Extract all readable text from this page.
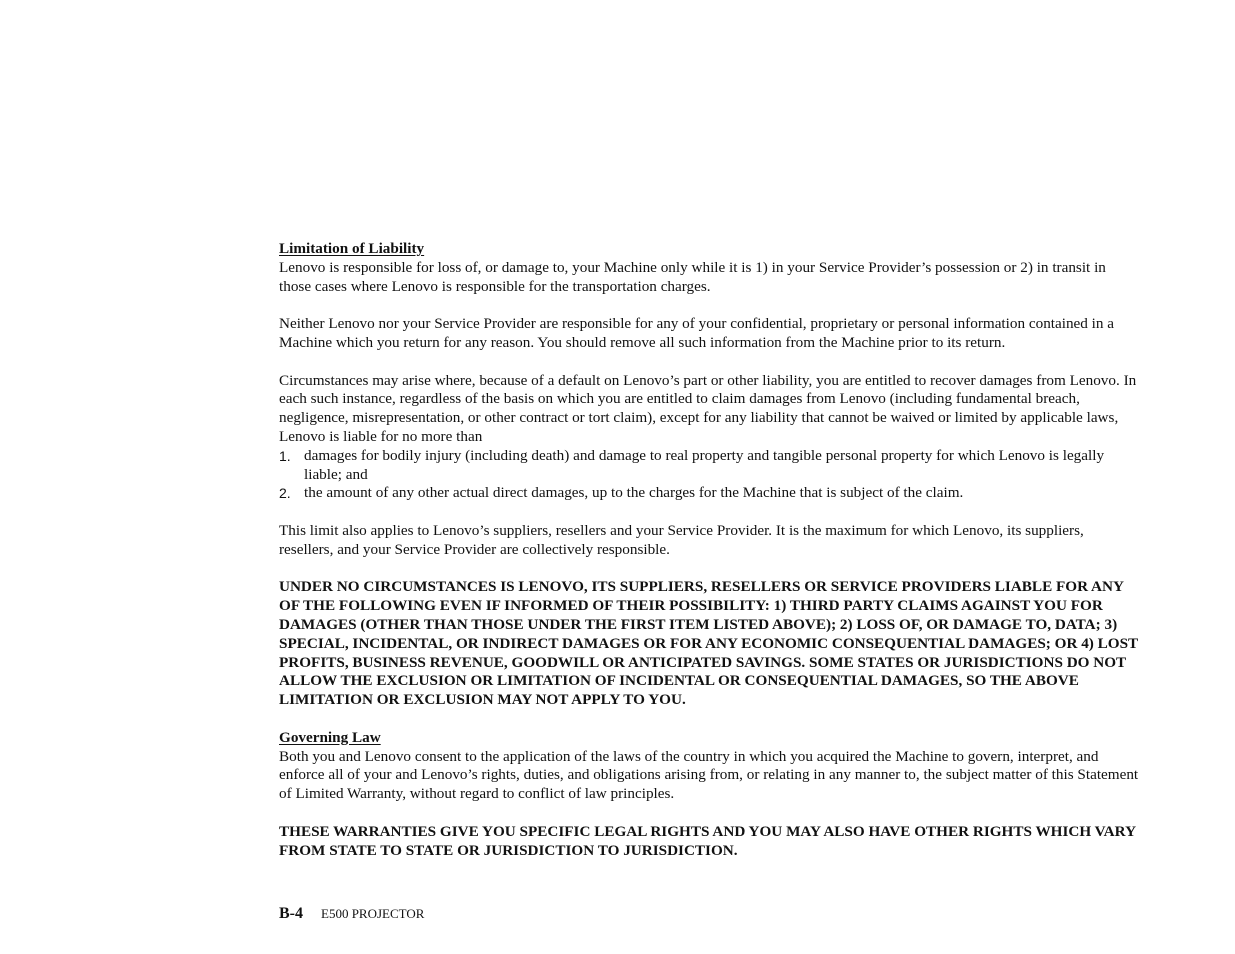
Limitation of Liability

Lenovo is responsible for loss of, or damage to, your Machine only while it is 1) in your Service Provider’s possession or 2) in transit in those cases where Lenovo is responsible for the transportation charges.

Neither Lenovo nor your Service Provider are responsible for any of your confidential, proprietary or personal information contained in a Machine which you return for any reason. You should remove all such information from the Machine prior to its return.

Circumstances may arise where, because of a default on Lenovo’s part or other liability, you are entitled to recover damages from Lenovo. In each such instance, regardless of the basis on which you are entitled to claim damages from Lenovo (including fundamental breach, negligence, misrepresentation, or other contract or tort claim), except for any liability that cannot be waived or limited by applicable laws, Lenovo is liable for no more than

1. damages for bodily injury (including death) and damage to real property and tangible personal property for which Lenovo is legally liable; and
2. the amount of any other actual direct damages, up to the charges for the Machine that is subject of the claim.

This limit also applies to Lenovo’s suppliers, resellers and your Service Provider. It is the maximum for which Lenovo, its suppliers, resellers, and your Service Provider are collectively responsible.

UNDER NO CIRCUMSTANCES IS LENOVO, ITS SUPPLIERS, RESELLERS OR SERVICE PROVIDERS LIABLE FOR ANY OF THE FOLLOWING EVEN IF INFORMED OF THEIR POSSIBILITY: 1) THIRD PARTY CLAIMS AGAINST YOU FOR DAMAGES (OTHER THAN THOSE UNDER THE FIRST ITEM LISTED ABOVE); 2) LOSS OF, OR DAMAGE TO, DATA; 3) SPECIAL, INCIDENTAL, OR INDIRECT DAMAGES OR FOR ANY ECONOMIC CONSEQUENTIAL DAMAGES; OR 4) LOST PROFITS, BUSINESS REVENUE, GOODWILL OR ANTICIPATED SAVINGS. SOME STATES OR JURISDICTIONS DO NOT ALLOW THE EXCLUSION OR LIMITATION OF INCIDENTAL OR CONSEQUENTIAL DAMAGES, SO THE ABOVE LIMITATION OR EXCLUSION MAY NOT APPLY TO YOU.

Governing Law

Both you and Lenovo consent to the application of the laws of the country in which you acquired the Machine to govern, interpret, and enforce all of your and Lenovo’s rights, duties, and obligations arising from, or relating in any manner to, the subject matter of this Statement of Limited Warranty, without regard to conflict of law principles.

THESE WARRANTIES GIVE YOU SPECIFIC LEGAL RIGHTS AND YOU MAY ALSO HAVE OTHER RIGHTS WHICH VARY FROM STATE TO STATE OR JURISDICTION TO JURISDICTION.

B-4 E500 PROJECTOR
